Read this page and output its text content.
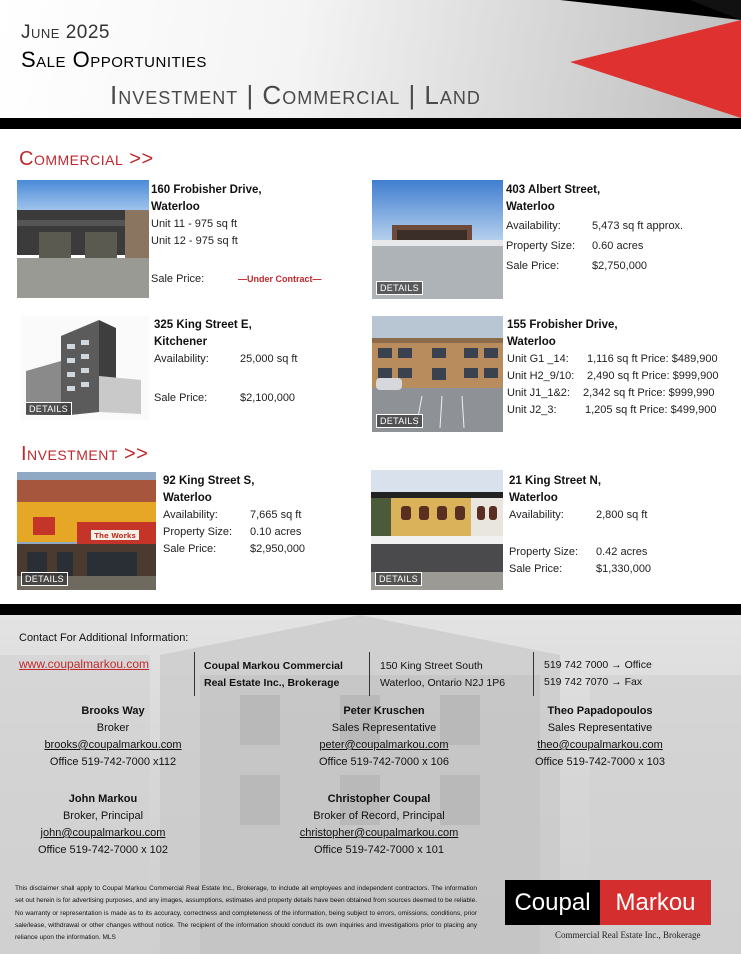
June 2025
Sale Opportunities
Investment | Commercial | Land
Commercial >>
160 Frobisher Drive,
Waterloo
Unit 11 - 975 sq ft
Unit 12 - 975 sq ft
Sale Price:	—Under Contract—
DETAILS
403 Albert Street,
Waterloo
Availability:	5,473 sq ft approx.
Property Size:	0.60 acres
Sale Price:	$2,750,000
DETAILS
325 King Street E,
Kitchener
Availability:	25,000 sq ft
Sale Price:	$2,100,000
DETAILS
155 Frobisher Drive,
Waterloo
Unit G1 _14:	1,116 sq ft Price: $489,900
Unit H2_9/10:	2,490 sq ft Price: $999,900
Unit J1_1&2:	2,342 sq ft Price: $999,990
Unit J2_3:	1,205 sq ft Price: $499,900
Investment >>
The Works
DETAILS
92 King Street S,
Waterloo
Availability:	7,665 sq ft
Property Size:	0.10 acres
Sale Price:	$2,950,000
DETAILS
21 King Street N,
Waterloo
Availability:	2,800 sq ft
Property Size:	0.42 acres
Sale Price:	$1,330,000
Contact For Additional Information:
www.coupalmarkou.com	Coupal Markou Commercial
Real Estate Inc., Brokerage
150 King Street South
Waterloo, Ontario N2J 1P6
519 742 7000 → Office
519 742 7070 → Fax
Brooks Way
Broker
brooks@coupalmarkou.com
Office 519-742-7000 x112
Peter Kruschen
Sales Representative
peter@coupalmarkou.com
Office 519-742-7000 x 106
Theo Papadopoulos
Sales Representative
theo@coupalmarkou.com
Office 519-742-7000 x 103
John Markou
Broker, Principal
john@coupalmarkou.com
Office 519-742-7000 x 102
Christopher Coupal
Broker of Record, Principal
christopher@coupalmarkou.com
Office 519-742-7000 x 101
This disclaimer shall apply to Coupal Markou Commercial Real Estate Inc., Brokerage, to include all employees and independent contractors. The information set out herein is for advertising purposes, and any images, assumptions, estimates and property details have been obtained from sources deemed to be reliable. No warranty or representation is made as to its accuracy, correctness and completeness of the information, being subject to errors, omissions, conditions, prior sale/lease, withdrawal or other changes without notice. The recipient of the information should conduct its own inquiries and investigations prior to placing any reliance upon the information. MLS
Coupal	Markou
Commercial Real Estate Inc., Brokerage
